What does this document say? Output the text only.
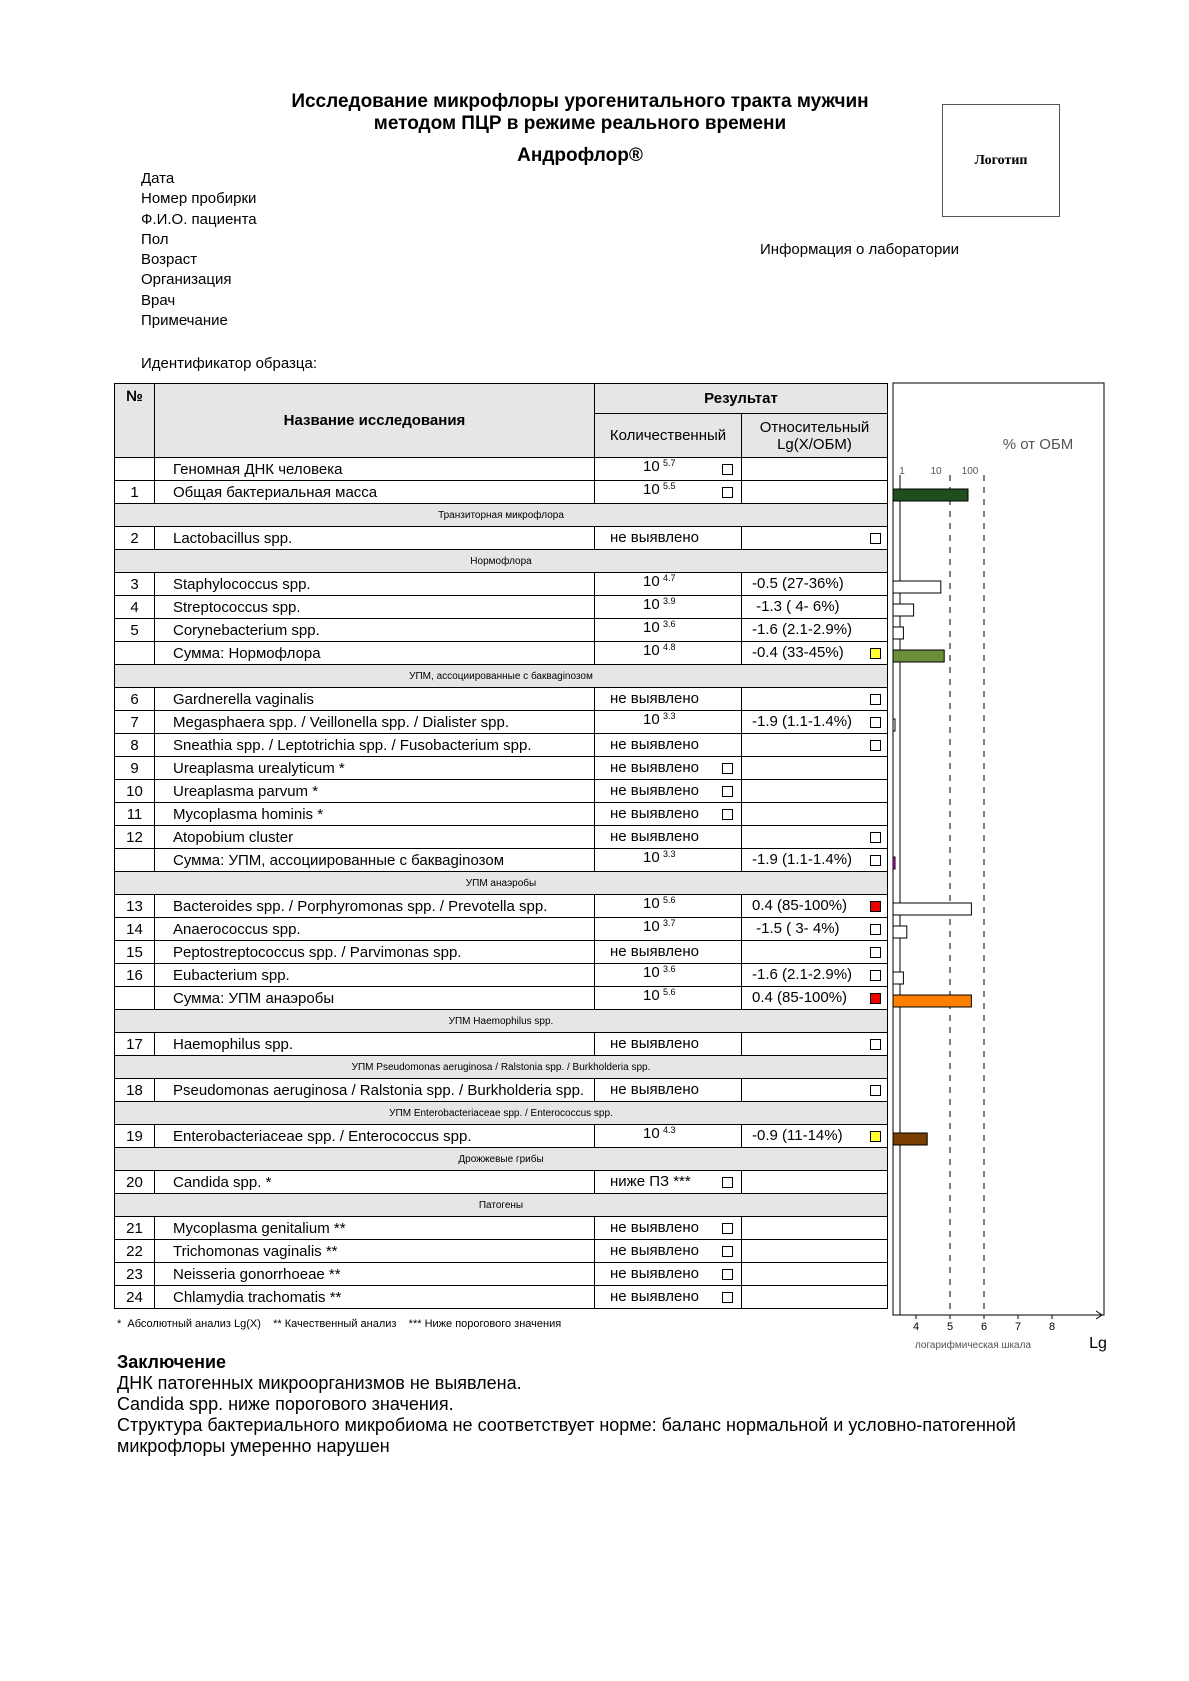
Исследование микрофлоры урогенитального тракта мужчин
методом ПЦР в режиме реального времени
Андрофлор®	Логотип
Информация о лаборатории
Дата
Номер пробирки
Ф.И.О. пациента
Пол
Возраст
Организация
Врач
Примечание
Идентификатор образца:
№	Название исследования	Результат	
		Количественный	Относительный
Lg(X/ОБМ)
	Геномная ДНК человека	10 5.7	

1	Общая бактериальная масса	10 5.5	

Транзиторная микрофлора			
2	Lactobacillus spp.	не выявлено	

Нормофлора			
3	Staphylococcus spp.	10 4.7	-0.5 (27-36%)

4	Streptococcus spp.	10 3.9	-1.3 ( 4- 6%)

5	Corynebacterium spp.	10 3.6	-1.6 (2.1-2.9%)

	Сумма: Нормофлора	10 4.8	-0.4 (33-45%)

УПМ, ассоциированные с бакваginозом			
6	Gardnerella vaginalis	не выявлено	

7	Megasphaera spp. / Veillonella spp. / Dialister spp.	10 3.3	-1.9 (1.1-1.4%)

8	Sneathia spp. / Leptotrichia spp. / Fusobacterium spp.	не выявлено	

9	Ureaplasma urealyticum *	не выявлено	

10	Ureaplasma parvum *	не выявлено	

11	Mycoplasma hominis *	не выявлено	

12	Atopobium cluster	не выявлено	

	Сумма: УПМ, ассоциированные с бакваginозом	10 3.3	-1.9 (1.1-1.4%)

УПМ анаэробы			
13	Bacteroides spp. / Porphyromonas spp. / Prevotella spp.	10 5.6	0.4 (85-100%)

14	Anaerococcus spp.	10 3.7	-1.5 ( 3- 4%)

15	Peptostreptococcus spp. / Parvimonas spp.	не выявлено	

16	Eubacterium spp.	10 3.6	-1.6 (2.1-2.9%)

	Сумма: УПМ анаэробы	10 5.6	0.4 (85-100%)

УПМ Haemophilus spp.			
17	Haemophilus spp.	не выявлено	

УПМ Pseudomonas aeruginosa / Ralstonia spp. / Burkholderia spp.			
18	Pseudomonas aeruginosa / Ralstonia spp. / Burkholderia spp.	не выявлено	

УПМ Enterobacteriaceae spp. / Enterococcus spp.			
19	Enterobacteriaceae spp. / Enterococcus spp.	10 4.3	-0.9 (11-14%)

Дрожжевые грибы			
20	Candida spp. *	ниже ПЗ ***	

Патогены			
21	Mycoplasma genitalium **	не выявлено	

22	Trichomonas vaginalis **	не выявлено	

23	Neisseria gonorrhoeae **	не выявлено	

24	Chlamydia trachomatis **	не выявлено	

% от ОБМ
1	10 100
4	5	6	7	8
логарифмическая шкала	Lg
*  Абсолютный анализ Lg(X)    ** Качественный анализ    *** Ниже порогового значения
Заключение
ДНК патогенных микроорганизмов не выявлена.
Candida spp. ниже порогового значения.
Структура бактериального микробиома не соответствует норме: баланс нормальной и условно-патогенной
микрофлоры умеренно нарушен
